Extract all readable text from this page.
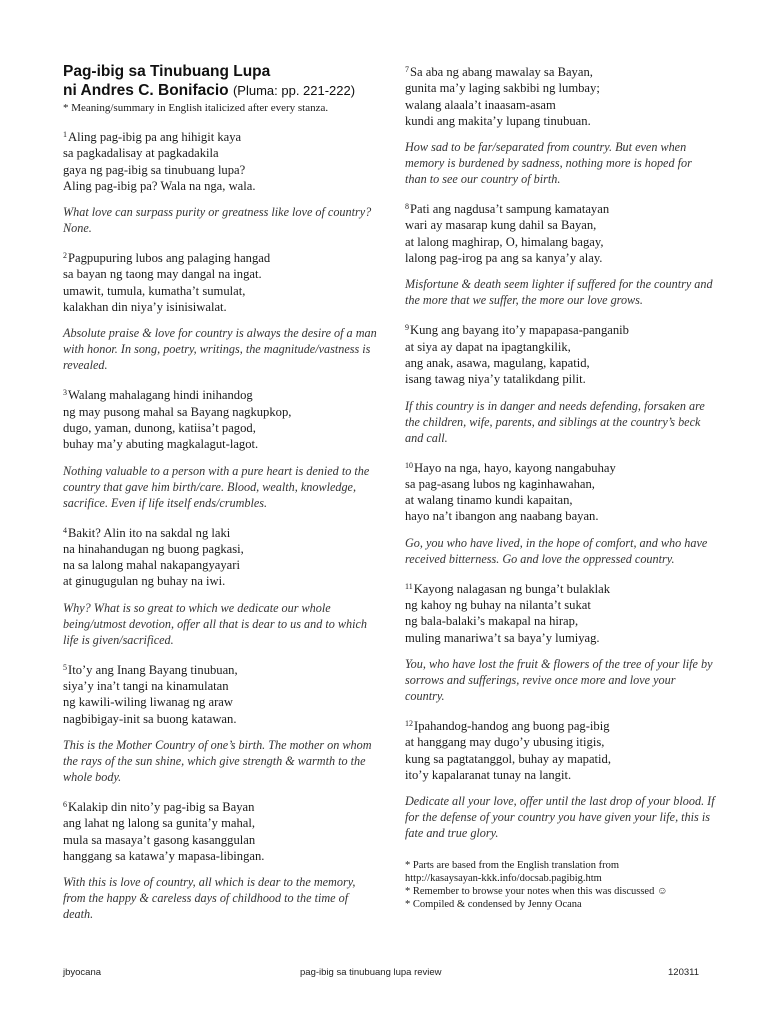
Pag-ibig sa Tinubuang Lupa
ni Andres C. Bonifacio (Pluma: pp. 221-222)
* Meaning/summary in English italicized after every stanza.
$^1$Aling pag-ibig pa ang hihigit kaya
sa pagkadalisay at pagkadakila
gaya ng pag-ibig sa tinubuang lupa?
Aling pag-ibig pa? Wala na nga, wala.
What love can surpass purity or greatness like love of country? None.
$^2$Pagpupuring lubos ang palaging hangad
sa bayan ng taong may dangal na ingat.
umawit, tumula, kumatha’t sumulat,
kalakhan din niya’y isinisiwalat.
Absolute praise & love for country is always the desire of a man with honor. In song, poetry, writings, the magnitude/vastness is revealed.
$^3$Walang mahalagang hindi inihandog
ng may pusong mahal sa Bayang nagkupkop,
dugo, yaman, dunong, katiisa’t pagod,
buhay ma’y abuting magkalagut-lagot.
Nothing valuable to a person with a pure heart is denied to the country that gave him birth/care. Blood, wealth, knowledge, sacrifice. Even if life itself ends/crumbles.
$^4$Bakit? Alin ito na sakdal ng laki
na hinahandugan ng buong pagkasi,
na sa lalong mahal nakapangyayari
at ginugugulan ng buhay na iwi.
Why? What is so great to which we dedicate our whole being/utmost devotion, offer all that is dear to us and to which life is given/sacrificed.
$^5$Ito’y ang Inang Bayang tinubuan,
siya’y ina’t tangi na kinamulatan
ng kawili-wiling liwanag ng araw
nagbibigay-init sa buong katawan.
This is the Mother Country of one’s birth. The mother on whom the rays of the sun shine, which give strength & warmth to the whole body.
$^6$Kalakip din nito’y pag-ibig sa Bayan
ang lahat ng lalong sa gunita’y mahal,
mula sa masaya’t gasong kasanggulan
hanggang sa katawa’y mapasa-libingan.
With this is love of country, all which is dear to the memory, from the happy & careless days of childhood to the time of death.
$^7$Sa aba ng abang mawalay sa Bayan,
gunita ma’y laging sakbibi ng lumbay;
walang alaala’t inaasam-asam
kundi ang makita’y lupang tinubuan.
How sad to be far/separated from country. But even when memory is burdened by sadness, nothing more is hoped for than to see our country of birth.
$^8$Pati ang nagdusa’t sampung kamatayan
wari ay masarap kung dahil sa Bayan,
at lalong maghirap, O, himalang bagay,
lalong pag-irog pa ang sa kanya’y alay.
Misfortune & death seem lighter if suffered for the country and the more that we suffer, the more our love grows.
$^9$Kung ang bayang ito’y mapapasa-panganib
at siya ay dapat na ipagtangkilik,
ang anak, asawa, magulang, kapatid,
isang tawag niya’y tatalikdang pilit.
If this country is in danger and needs defending, forsaken are the children, wife, parents, and siblings at the country’s beck and call.
$^{10}$Hayo na nga, hayo, kayong nangabuhay
sa pag-asang lubos ng kaginhawahan,
at walang tinamo kundi kapaitan,
hayo na’t ibangon ang naabang bayan.
Go, you who have lived, in the hope of comfort, and who have received bitterness. Go and love the oppressed country.
$^{11}$Kayong nalagasan ng bunga’t bulaklak
ng kahoy ng buhay na nilanta’t sukat
ng bala-balaki’s makapal na hirap,
muling manariwa’t sa baya’y lumiyag.
You, who have lost the fruit & flowers of the tree of your life by sorrows and sufferings, revive once more and love your country.
$^{12}$Ipahandog-handog ang buong pag-ibig
at hanggang may dugo’y ubusing itigis,
kung sa pagtatanggol, buhay ay mapatid,
ito’y kapalaranat tunay na langit.
Dedicate all your love, offer until the last drop of your blood. If for the defense of your country you have given your life, this is fate and true glory.
* Parts are based from the English translation from
http://kasaysayan-kkk.info/docsab.pagibig.htm
* Remember to browse your notes when this was discussed ☺
* Compiled & condensed by Jenny Ocana
jbyocana	pag-ibig sa tinubuang lupa review	120311
